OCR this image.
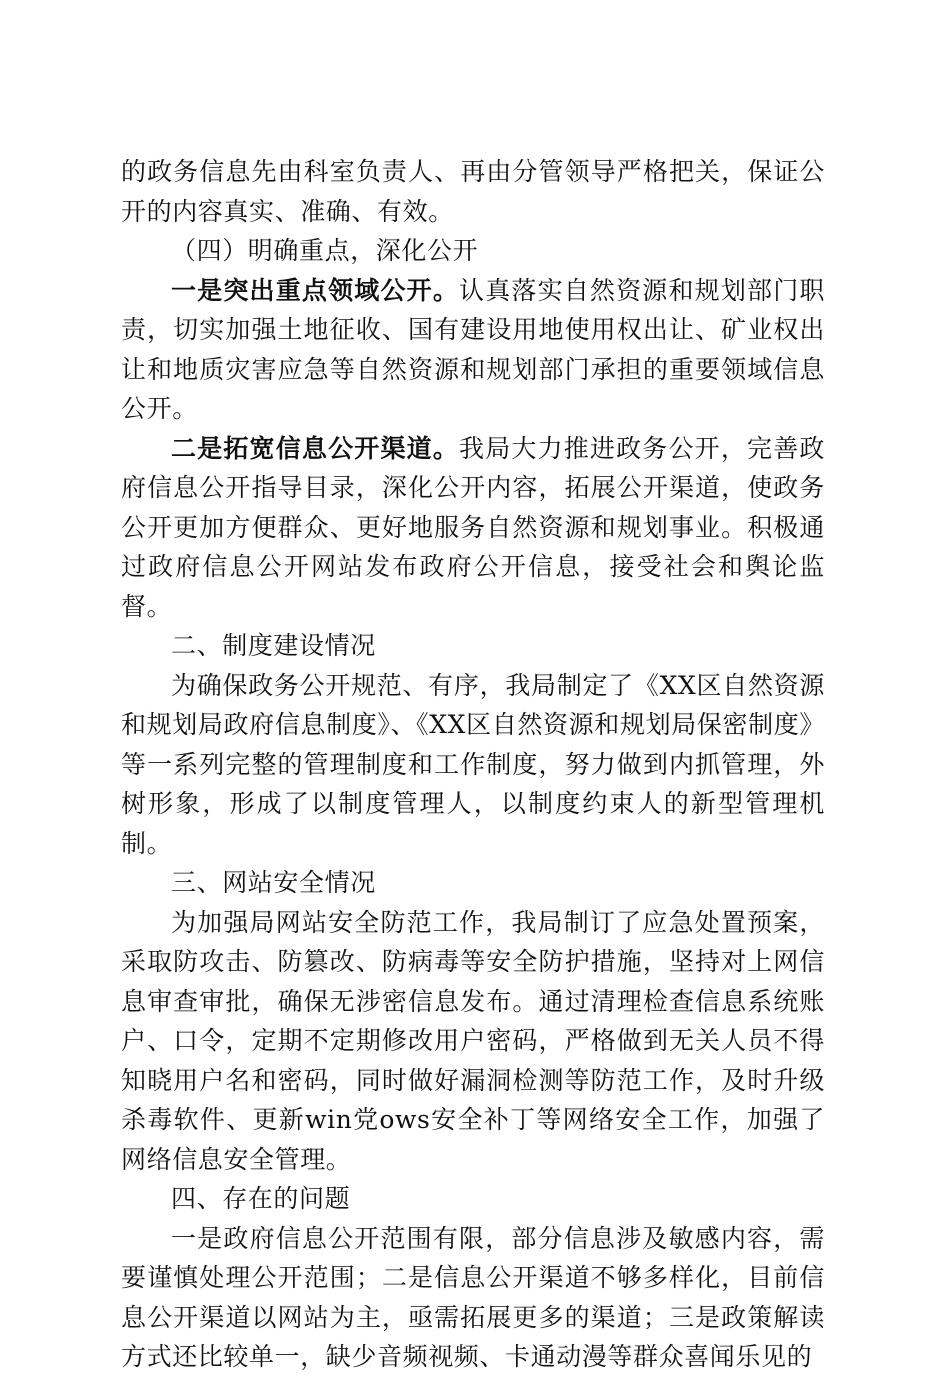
的政务信息先由科室负责人、再由分管领导严格把关，保证公开的内容真实、准确、有效。

（四）明确重点，深化公开

一是突出重点领域公开。认真落实自然资源和规划部门职责，切实加强土地征收、国有建设用地使用权出让、矿业权出让和地质灾害应急等自然资源和规划部门承担的重要领域信息公开。

二是拓宽信息公开渠道。我局大力推进政务公开，完善政府信息公开指导目录，深化公开内容，拓展公开渠道，使政务公开更加方便群众、更好地服务自然资源和规划事业。积极通过政府信息公开网站发布政府公开信息，接受社会和舆论监督。

二、制度建设情况

为确保政务公开规范、有序，我局制定了《XX区自然资源和规划局政府信息制度》、《XX区自然资源和规划局保密制度》等一系列完整的管理制度和工作制度，努力做到内抓管理，外树形象，形成了以制度管理人，以制度约束人的新型管理机制。

三、网站安全情况

为加强局网站安全防范工作，我局制订了应急处置预案，采取防攻击、防篡改、防病毒等安全防护措施，坚持对上网信息审查审批，确保无涉密信息发布。通过清理检查信息系统账户、口令，定期不定期修改用户密码，严格做到无关人员不得知晓用户名和密码，同时做好漏洞检测等防范工作，及时升级杀毒软件、更新win党ows安全补丁等网络安全工作，加强了网络信息安全管理。

四、存在的问题

一是政府信息公开范围有限，部分信息涉及敏感内容，需要谨慎处理公开范围；二是信息公开渠道不够多样化，目前信息公开渠道以网站为主，亟需拓展更多的渠道；三是政策解读方式还比较单一，缺少音频视频、卡通动漫等群众喜闻乐见的
